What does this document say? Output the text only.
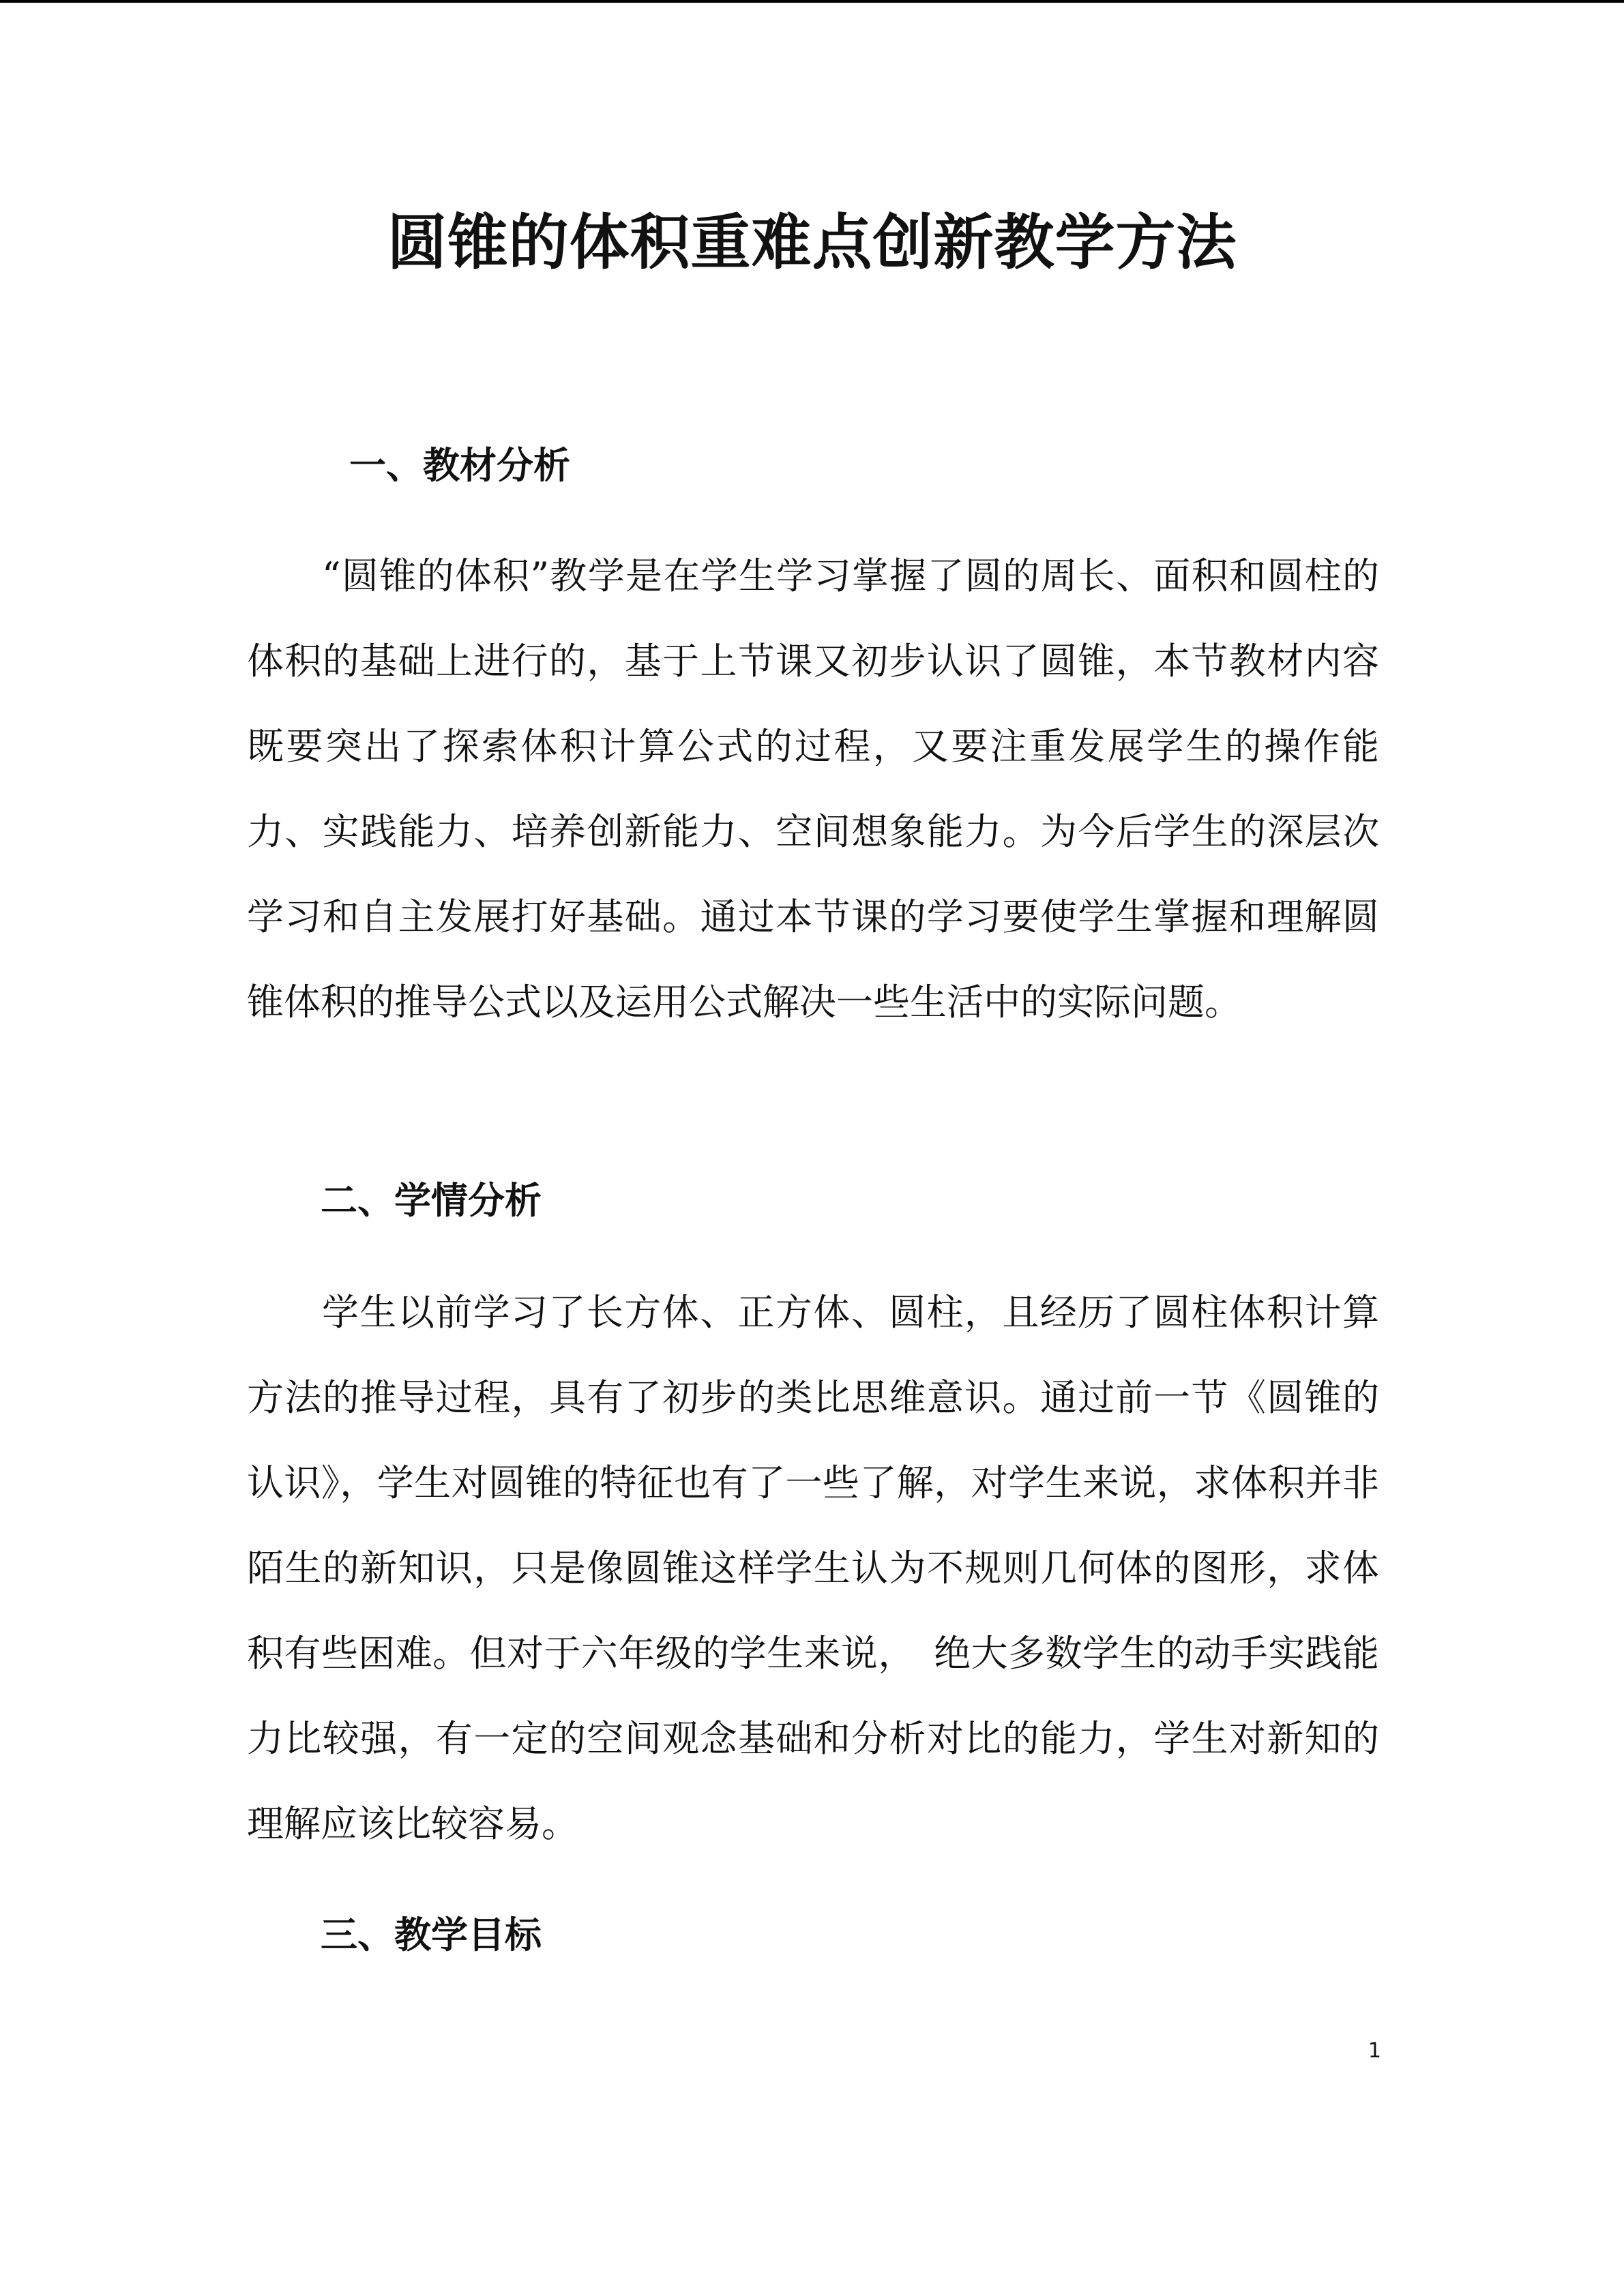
圆锥的体积重难点创新教学方法
一、教材分析
“圆锥的体积”教学是在学生学习掌握了圆的周长、面积和圆柱的体积的基础上进行的，基于上节课又初步认识了圆锥，本节教材内容既要突出了探索体积计算公式的过程，又要注重发展学生的操作能力、实践能力、培养创新能力、空间想象能力。为今后学生的深层次学习和自主发展打好基础。通过本节课的学习要使学生掌握和理解圆锥体积的推导公式以及运用公式解决一些生活中的实际问题。
二、学情分析
学生以前学习了长方体、正方体、圆柱，且经历了圆柱体积计算方法的推导过程，具有了初步的类比思维意识。通过前一节《圆锥的认识》，学生对圆锥的特征也有了一些了解，对学生来说，求体积并非陌生的新知识，只是像圆锥这样学生认为不规则几何体的图形，求体积有些困难。但对于六年级的学生来说，　绝大多数学生的动手实践能力比较强，有一定的空间观念基础和分析对比的能力，学生对新知的理解应该比较容易。
三、教学目标
1
